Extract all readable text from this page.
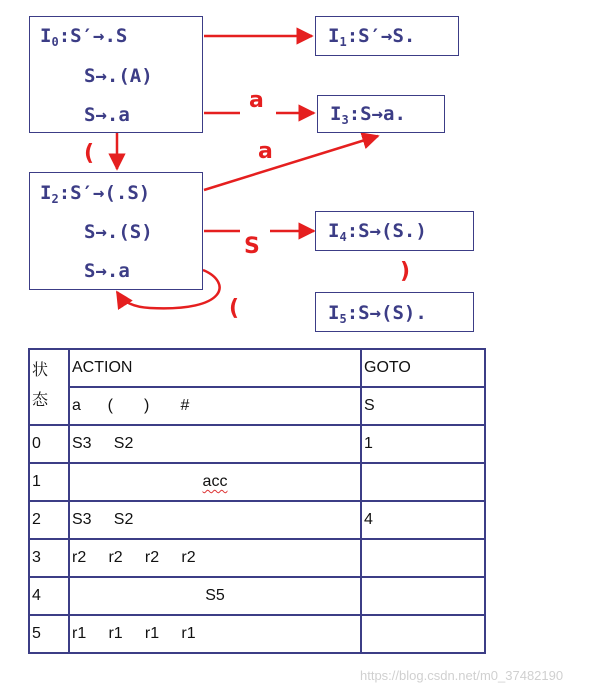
a
(	a
S
)
(
$I_0:S'\to.S$
S→.(A)
S→.a
$I_1:S'\to S$.
$I_3:S\to a$.
$I_2:S'\to(.S)$
S→.(S)
S→.a
$I_4:S\to(S.)$
$I_5:S\to(S)$.
状
态	ACTION	GOTO
	a      (       )       #	S
0	S3     S2	1
1	acc	
2	S3     S2	4
3	r2     r2     r2     r2	
4	S5	
5	r1     r1     r1     r1	
https://blog.csdn.net/m0_37482190
